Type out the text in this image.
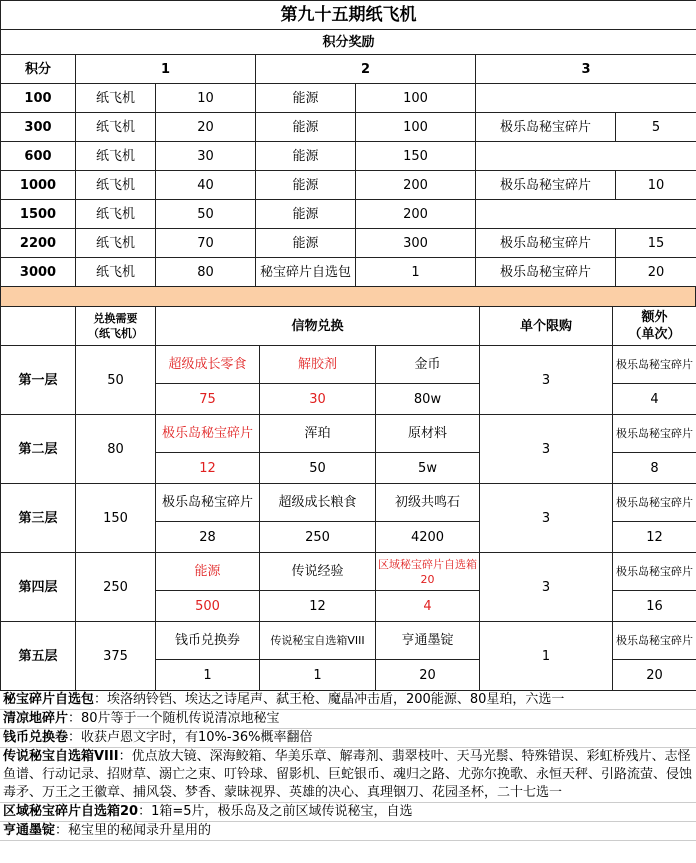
第九十五期纸飞机						
积分奖励						
积分	1		2		3	
100	纸飞机	10	能源	100		
300	纸飞机	20	能源	100	极乐岛秘宝碎片	5
600	纸飞机	30	能源	150		
1000	纸飞机	40	能源	200	极乐岛秘宝碎片	10
1500	纸飞机	50	能源	200		
2200	纸飞机	70	能源	300	极乐岛秘宝碎片	15
3000	纸飞机	80	秘宝碎片自选包	1	极乐岛秘宝碎片	20
	兑换需要
（纸飞机）	信物兑换			单个限购	额外
（单次）
第一层	50	超级成长零食	解胶剂	金币	3	极乐岛秘宝碎片
		75	30	80w		4
第二层	80	极乐岛秘宝碎片	浑珀	原材料	3	极乐岛秘宝碎片
		12	50	5w		8
第三层	150	极乐岛秘宝碎片	超级成长粮食	初级共鸣石	3	极乐岛秘宝碎片
		28	250	4200		12
第四层	250	能源	传说经验	区域秘宝碎片自选箱20	3	极乐岛秘宝碎片
		500	12	4		16
第五层	375	钱币兑换券	传说秘宝自选箱VIII	亨通墨锭	1	极乐岛秘宝碎片
		1	1	20		20
秘宝碎片自选包：埃洛纳铃铛、埃达之诗尾声、弑王枪、魔晶冲击盾，200能源、80星珀，六选一
清凉地碎片：80片等于一个随机传说清凉地秘宝
钱币兑换卷：收获卢恩文字时，有10%-36%概率翻倍
传说秘宝自选箱VIII：优点放大镜、深海鲛箱、华美乐章、解毒剂、翡翠枝叶、天马光鬃、特殊错误、彩虹桥残片、志怪鱼谱、行动记录、招财草、溺亡之束、叮铃球、留影机、巨蛇银币、魂归之路、尤弥尔挽歌、永恒天秤、引路流萤、侵蚀毒矛、万王之王徽章、捕风袋、梦香、蒙昧视界、英雄的决心、真理铟刀、花园圣杯，二十七选一
区域秘宝碎片自选箱20：1箱=5片，极乐岛及之前区域传说秘宝，自选
亨通墨锭：秘宝里的秘闻录升星用的
